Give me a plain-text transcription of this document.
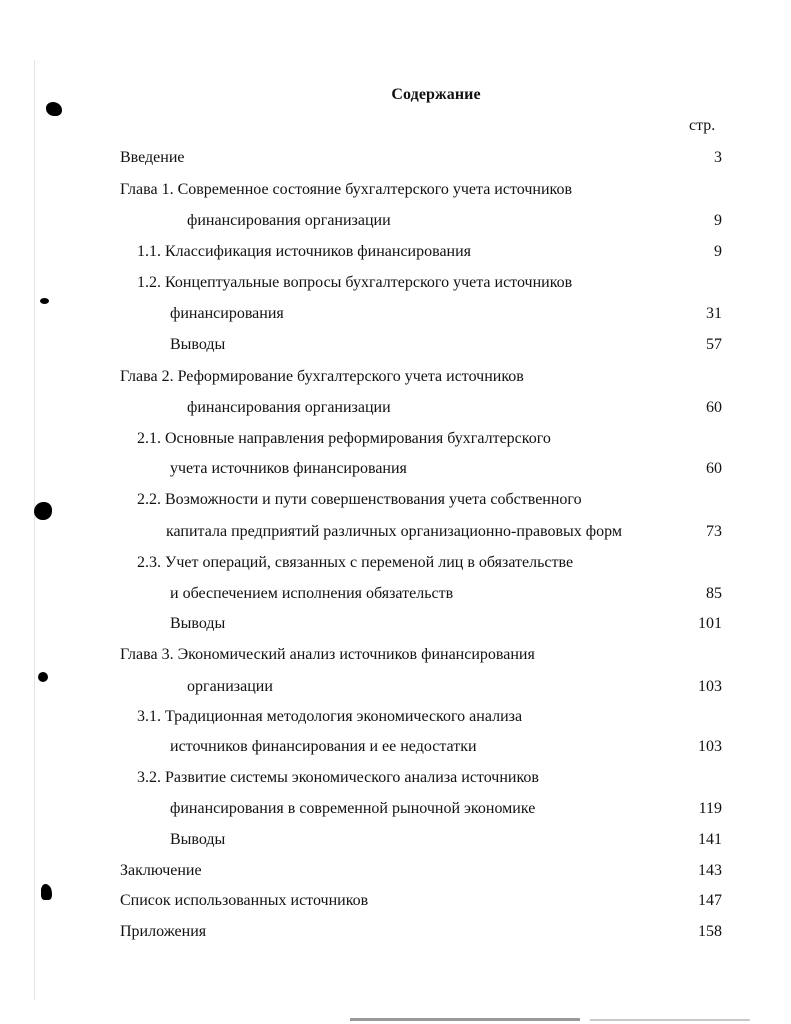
Содержание
стр.
Введение	3
Глава 1. Современное состояние бухгалтерского учета источников
финансирования организации	9
1.1. Классификация источников финансирования	9
1.2. Концептуальные вопросы бухгалтерского учета источников
финансирования	31
Выводы	57
Глава 2. Реформирование бухгалтерского учета источников
финансирования организации	60
2.1. Основные направления реформирования бухгалтерского
учета источников финансирования	60
2.2. Возможности и пути совершенствования учета собственного
капитала предприятий различных организационно-правовых форм	73
2.3. Учет операций, связанных с переменой лиц в обязательстве
и обеспечением исполнения обязательств	85
Выводы	101
Глава 3. Экономический анализ источников финансирования
организации	103
3.1. Традиционная методология экономического анализа
источников финансирования и ее недостатки	103
3.2. Развитие системы экономического анализа источников
финансирования в современной рыночной экономике	119
Выводы	141
Заключение	143
Список использованных источников	147
Приложения	158
